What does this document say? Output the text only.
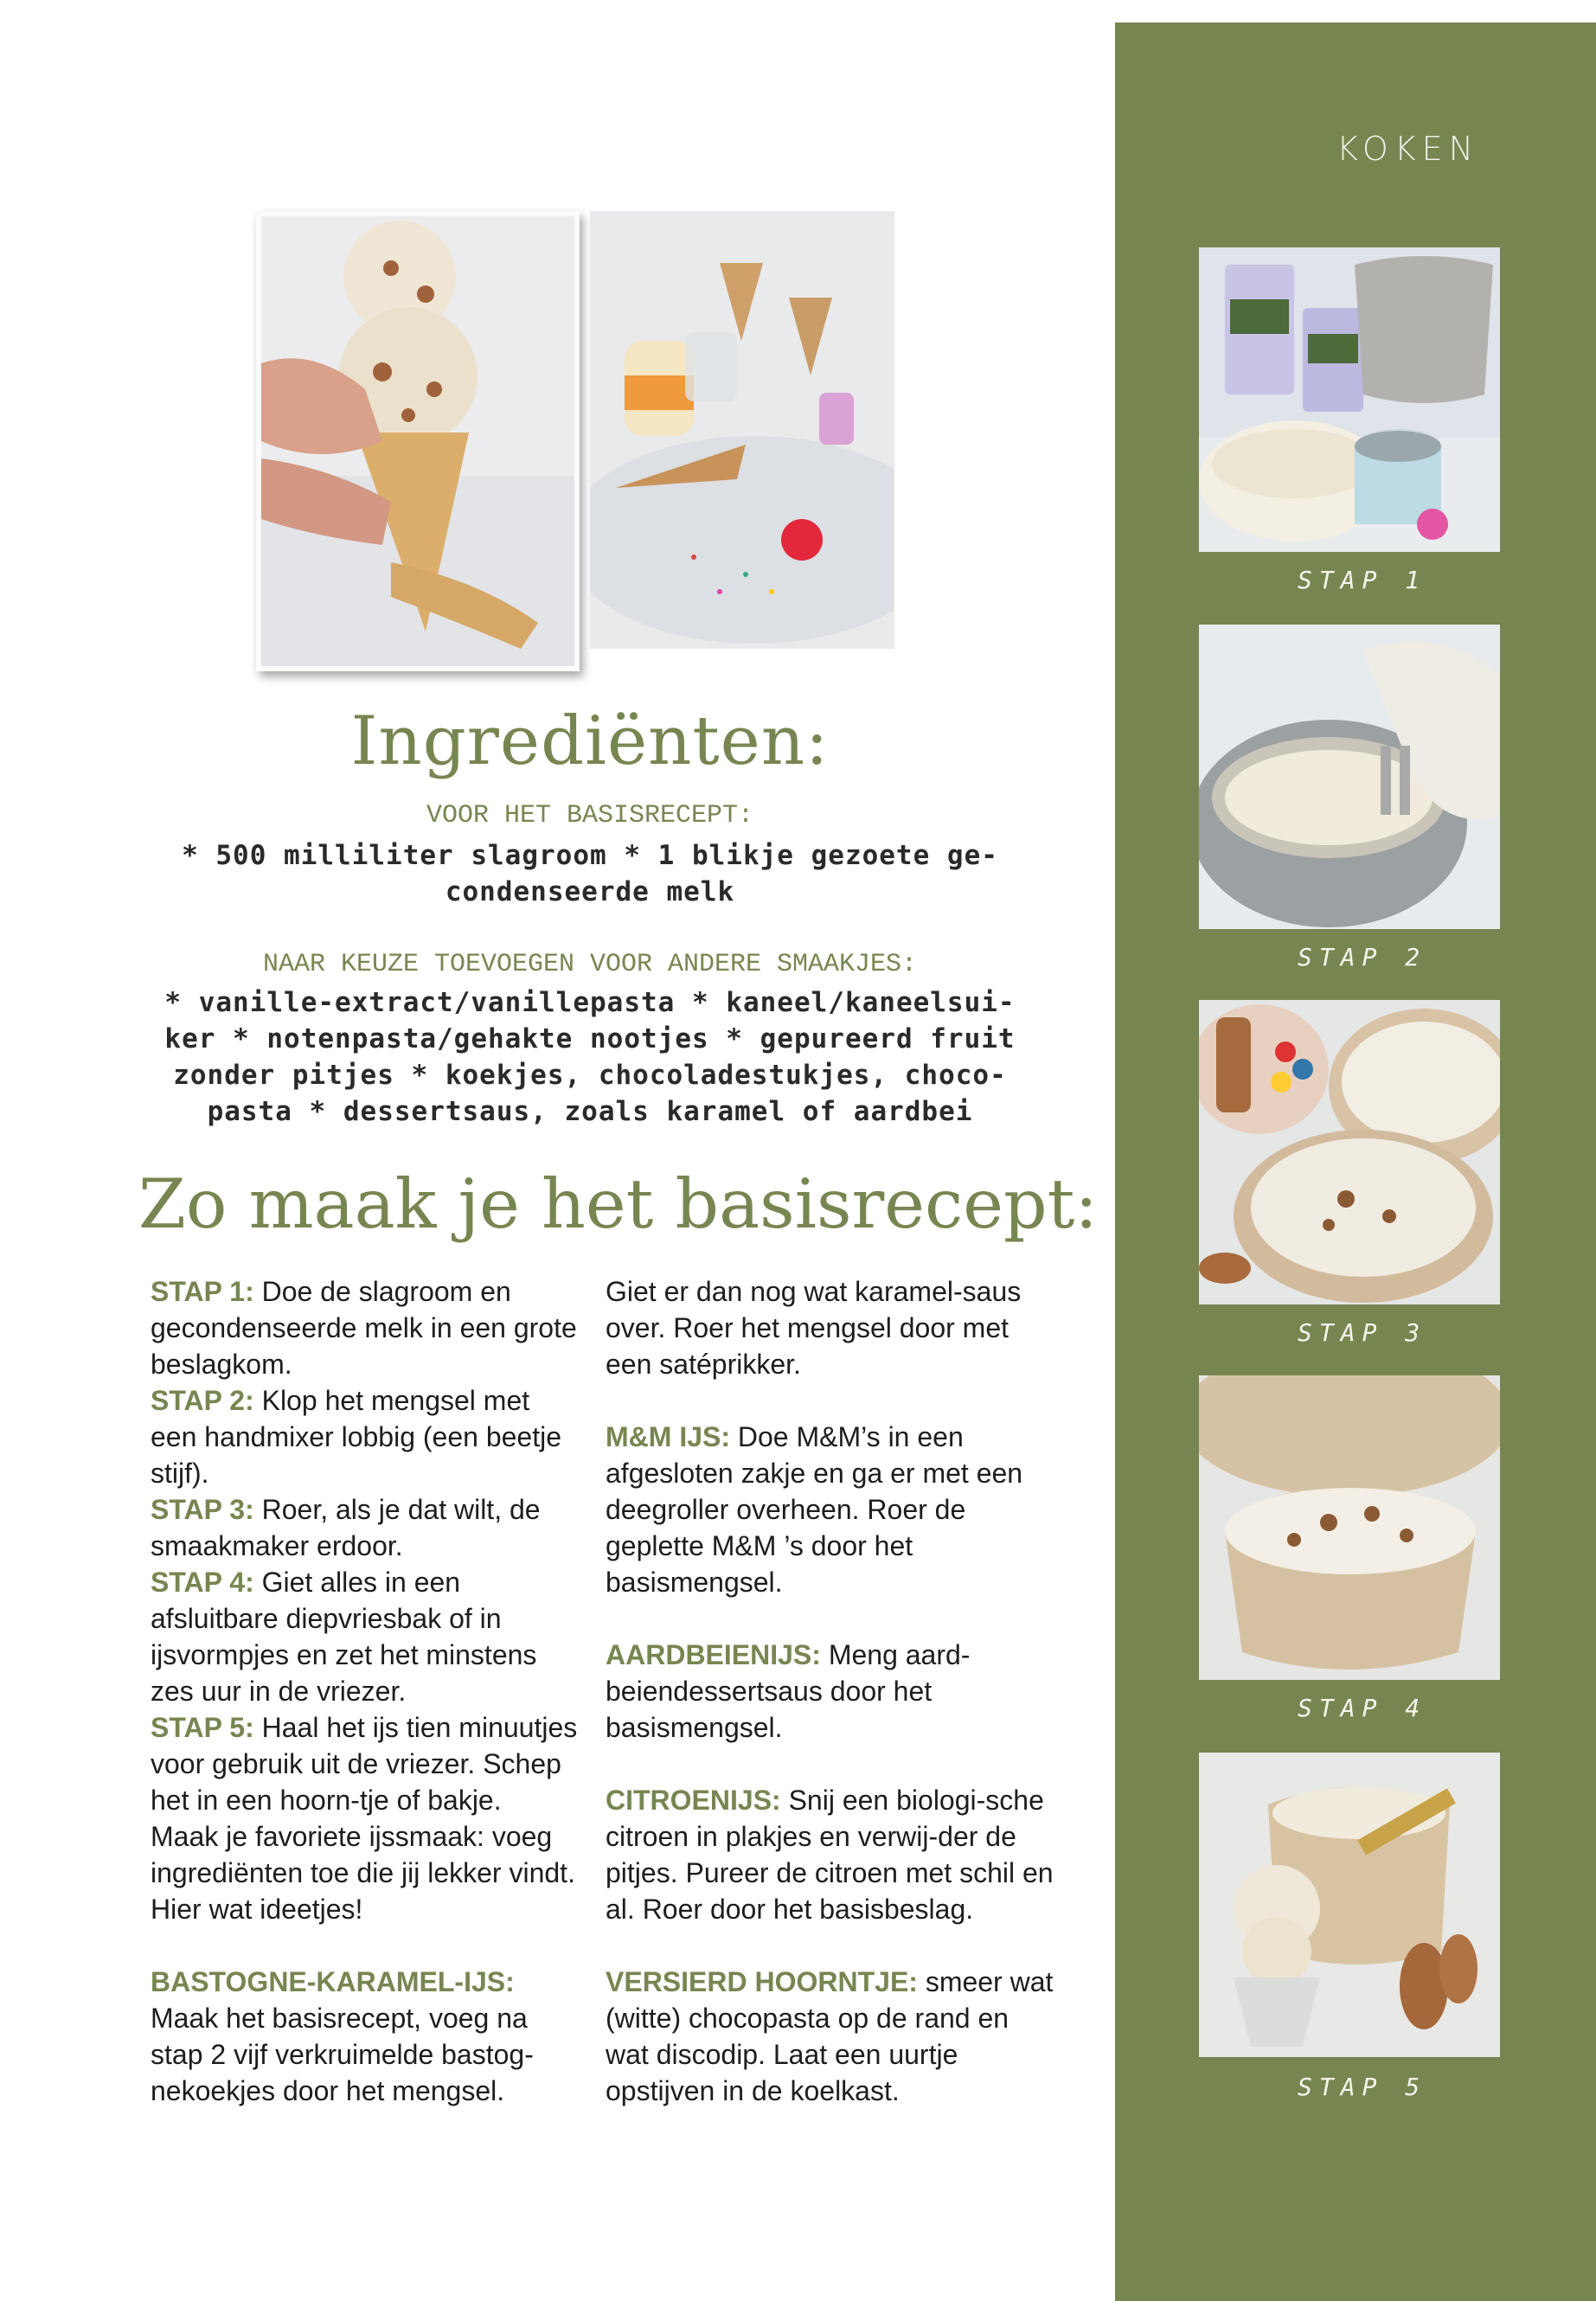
KOKEN
STAP 1
STAP 2
STAP 3
STAP 4
STAP 5
Ingrediënten:
VOOR HET BASISRECEPT:
* 500 milliliter slagroom * 1 blikje gezoete ge-
condenseerde melk
NAAR KEUZE TOEVOEGEN VOOR ANDERE SMAAKJES:
* vanille-extract/vanillepasta * kaneel/kaneelsui-
ker * notenpasta/gehakte nootjes * gepureerd fruit
zonder pitjes * koekjes, chocoladestukjes, choco-
pasta * dessertsaus, zoals karamel of aardbei
Zo maak je het basisrecept:

STAP 1: Doe de slagroom en gecondenseerde melk in een grote beslagkom.

STAP 2: Klop het mengsel met een handmixer lobbig (een beetje stijf).

STAP 3: Roer, als je dat wilt, de smaakmaker erdoor.

STAP 4: Giet alles in een afsluitbare diepvriesbak of in ijsvormpjes en zet het minstens zes uur in de vriezer.

STAP 5: Haal het ijs tien minuutjes voor gebruik uit de vriezer. Schep het in een hoorn-tje of bakje.

Maak je favoriete ijssmaak: voeg ingrediënten toe die jij lekker vindt. Hier wat ideetjes!

BASTOGNE-KARAMEL-IJS: Maak het basisrecept, voeg na stap 2 vijf verkruimelde bastog-nekoekjes door het mengsel.

Giet er dan nog wat karamel-saus over. Roer het mengsel door met een satéprikker.

M&M IJS: Doe M&M’s in een afgesloten zakje en ga er met een deegroller overheen. Roer de geplette M&M ’s door het basismengsel.

AARDBEIENIJS: Meng aard-beiendessertsaus door het basismengsel.

CITROENIJS: Snij een biologi-sche citroen in plakjes en verwij-der de pitjes. Pureer de citroen met schil en al. Roer door het basisbeslag.

VERSIERD HOORNTJE: smeer wat (witte) chocopasta op de rand en wat discodip. Laat een uurtje opstijven in de koelkast.
